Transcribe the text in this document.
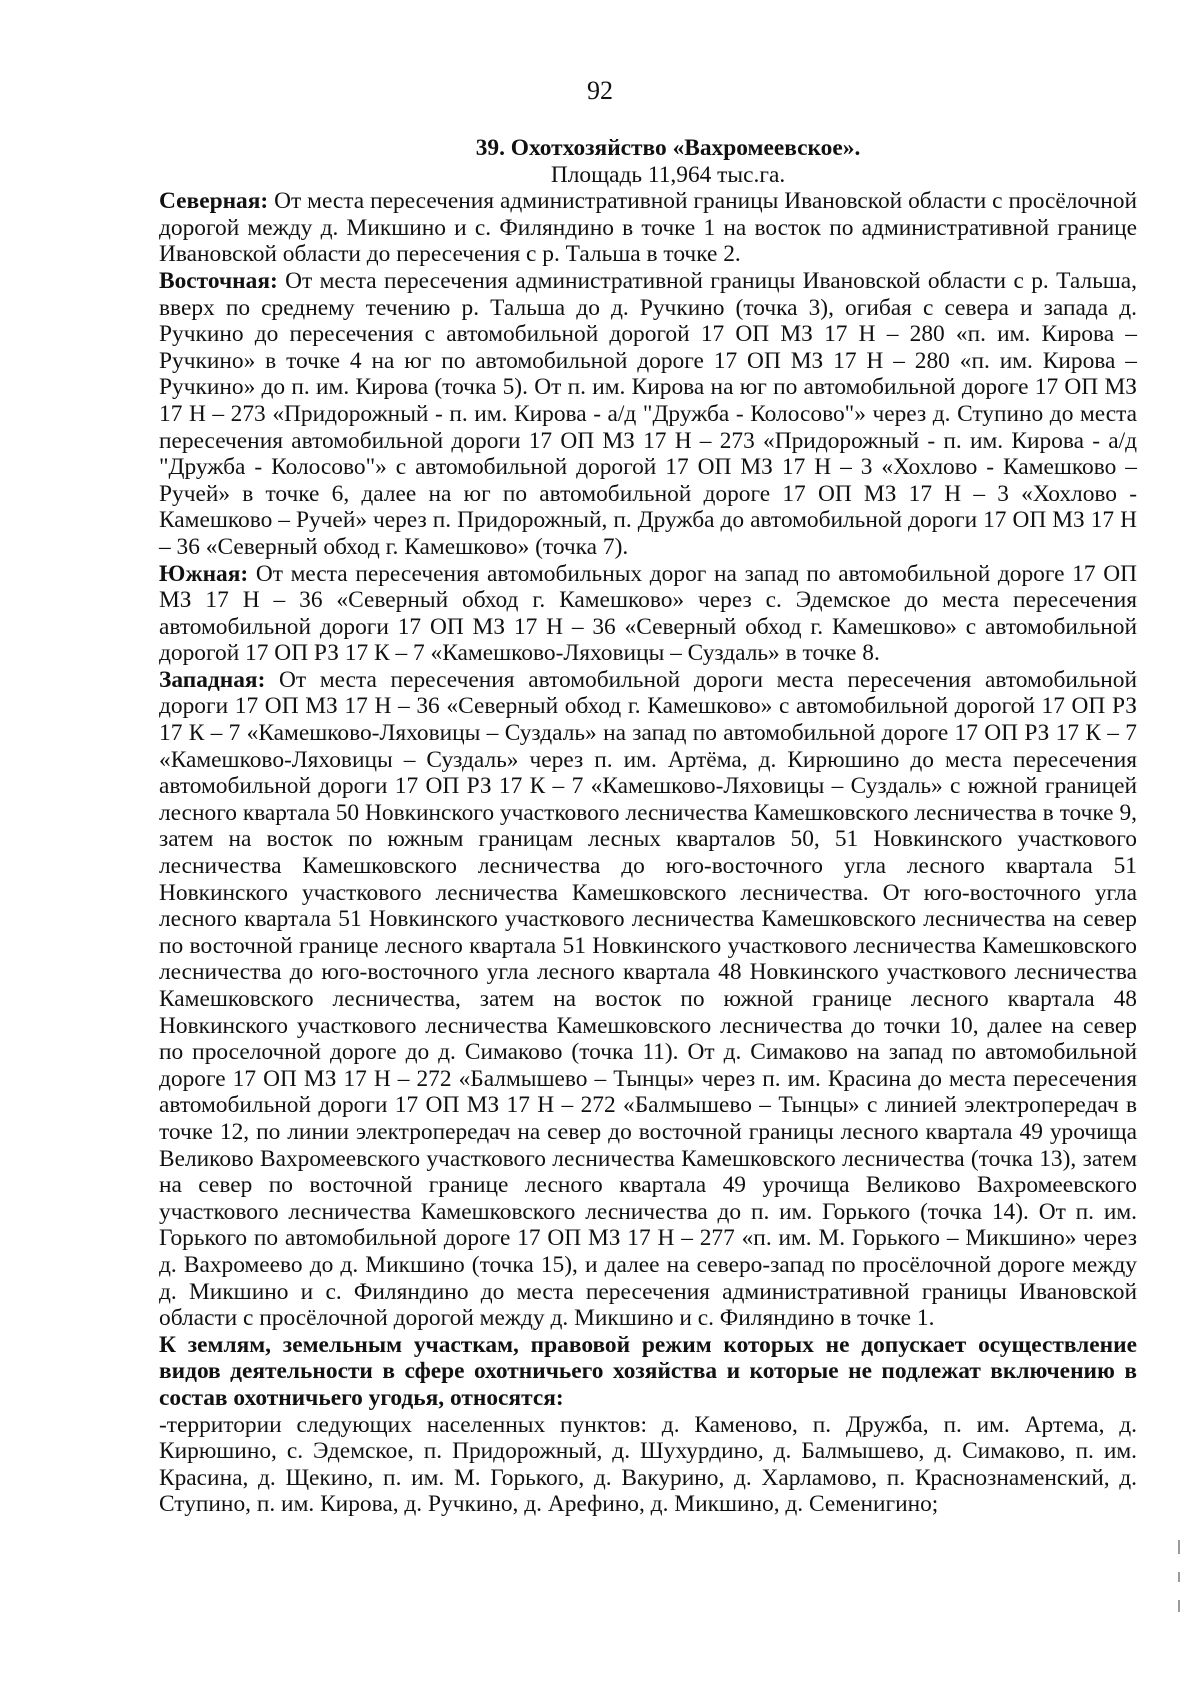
92

39. Охотхозяйство «Вахромеевское».

Площадь 11,964 тыс.га.

Северная: От места пересечения административной границы Ивановской области с просёлочной дорогой между д. Микшино и с. Филяндино в точке 1 на восток по административной границе Ивановской области до пересечения с р. Тальша в точке 2.

Восточная: От места пересечения административной границы Ивановской области с р. Тальша, вверх по среднему течению р. Тальша до д. Ручкино (точка 3), огибая с севера и запада д. Ручкино до пересечения с автомобильной дорогой 17 ОП МЗ 17 Н – 280 «п. им. Кирова – Ручкино» в точке 4 на юг по автомобильной дороге 17 ОП МЗ 17 Н – 280 «п. им. Кирова – Ручкино» до п. им. Кирова (точка 5). От п. им. Кирова на юг по автомобильной дороге 17 ОП МЗ 17 Н – 273 «Придорожный - п. им. Кирова - а/д "Дружба - Колосово"» через д. Ступино до места пересечения автомобильной дороги 17 ОП МЗ 17 Н – 273 «Придорожный - п. им. Кирова - а/д "Дружба - Колосово"» с автомобильной дорогой 17 ОП МЗ 17 Н – 3 «Хохлово - Камешково – Ручей» в точке 6, далее на юг по автомобильной дороге 17 ОП МЗ 17 Н – 3 «Хохлово - Камешково – Ручей» через п. Придорожный, п. Дружба до автомобильной дороги 17 ОП МЗ 17 Н – 36 «Северный обход г. Камешково» (точка 7).

Южная: От места пересечения автомобильных дорог на запад по автомобильной дороге 17 ОП МЗ 17 Н – 36 «Северный обход г. Камешково» через с. Эдемское до места пересечения автомобильной дороги 17 ОП МЗ 17 Н – 36 «Северный обход г. Камешково» с автомобильной дорогой 17 ОП РЗ 17 К – 7 «Камешково-Ляховицы – Суздаль» в точке 8.

Западная: От места пересечения автомобильной дороги места пересечения автомобильной дороги 17 ОП МЗ 17 Н – 36 «Северный обход г. Камешково» с автомобильной дорогой 17 ОП РЗ 17 К – 7 «Камешково-Ляховицы – Суздаль» на запад по автомобильной дороге 17 ОП РЗ 17 К – 7 «Камешково-Ляховицы – Суздаль» через п. им. Артёма, д. Кирюшино до места пересечения автомобильной дороги 17 ОП РЗ 17 К – 7 «Камешково-Ляховицы – Суздаль» с южной границей лесного квартала 50 Новкинского участкового лесничества Камешковского лесничества в точке 9, затем на восток по южным границам лесных кварталов 50, 51 Новкинского участкового лесничества Камешковского лесничества до юго-восточного угла лесного квартала 51 Новкинского участкового лесничества Камешковского лесничества. От юго-восточного угла лесного квартала 51 Новкинского участкового лесничества Камешковского лесничества на север по восточной границе лесного квартала 51 Новкинского участкового лесничества Камешковского лесничества до юго-восточного угла лесного квартала 48 Новкинского участкового лесничества Камешковского лесничества, затем на восток по южной границе лесного квартала 48 Новкинского участкового лесничества Камешковского лесничества до точки 10, далее на север по проселочной дороге до д. Симаково (точка 11). От д. Симаково на запад по автомобильной дороге 17 ОП МЗ 17 Н – 272 «Балмышево – Тынцы» через п. им. Красина до места пересечения автомобильной дороги 17 ОП МЗ 17 Н – 272 «Балмышево – Тынцы» с линией электропередач в точке 12, по линии электропередач на север до восточной границы лесного квартала 49 урочища Великово Вахромеевского участкового лесничества Камешковского лесничества (точка 13), затем на север по восточной границе лесного квартала 49 урочища Великово Вахромеевского участкового лесничества Камешковского лесничества до п. им. Горького (точка 14). От п. им. Горького по автомобильной дороге 17 ОП МЗ 17 Н – 277 «п. им. М. Горького – Микшино» через д. Вахромеево до д. Микшино (точка 15), и далее на северо-запад по просёлочной дороге между д. Микшино и с. Филяндино до места пересечения административной границы Ивановской области с просёлочной дорогой между д. Микшино и с. Филяндино в точке 1.

К землям, земельным участкам, правовой режим которых не допускает осуществление видов деятельности в сфере охотничьего хозяйства и которые не подлежат включению в состав охотничьего угодья, относятся:

-территории следующих населенных пунктов: д. Каменово, п. Дружба, п. им. Артема, д. Кирюшино, с. Эдемское, п. Придорожный, д. Шухурдино, д. Балмышево, д. Симаково, п. им. Красина, д. Щекино, п. им. М. Горького, д. Вакурино, д. Харламово, п. Краснознаменский, д. Ступино, п. им. Кирова, д. Ручкино, д. Арефино, д. Микшино, д. Семенигино;
